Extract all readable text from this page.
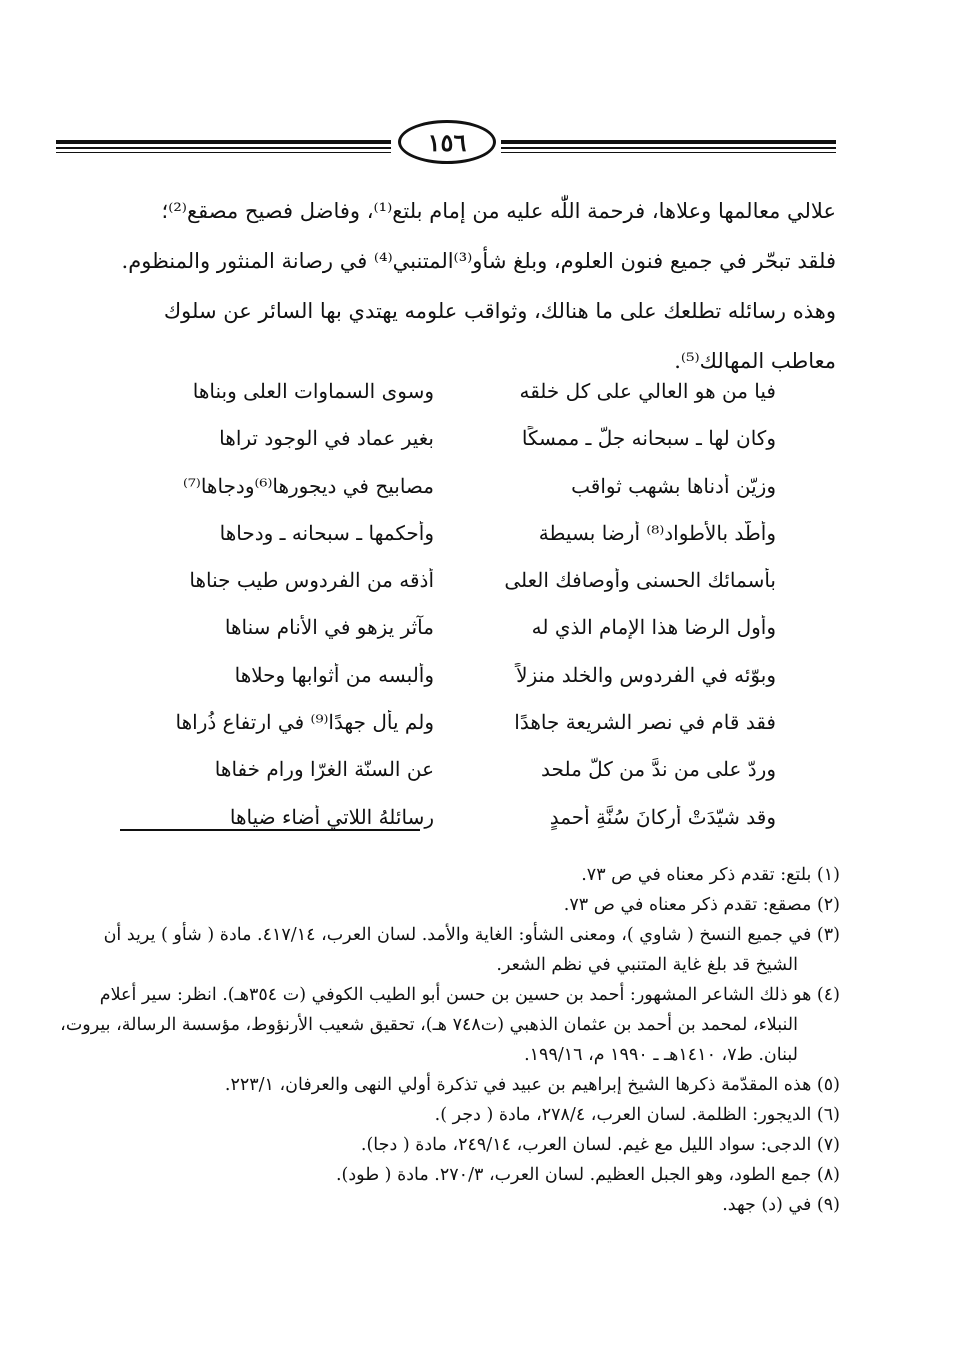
١٥٦

علالي معالمها وعلاها، فرحمة اللّٰه عليه من إمام بلتع⁽¹⁾، وفاضل فصيح مصقع⁽²⁾؛

فلقد تبحّر في جميع فنون العلوم، وبلغ شأو⁽³⁾المتنبي⁽⁴⁾ في رصانة المنثور والمنظوم.

وهذه رسائله تطلعك على ما هنالك، وثواقب علومه يهتدي بها السائر عن سلوك

معاطب المهالك⁽⁵⁾.

فيا من هو العالي على كل خلقه
وسوى السماوات العلى وبناها
وكان لها ـ سبحانه جلّ ـ ممسكًا
بغير عماد في الوجود تراها
وزيّن أدناها بشهب ثواقب
مصابيح في ديجورها⁽⁶⁾ودجاها⁽⁷⁾
وأطّد بالأطواد⁽⁸⁾ أرضا بسيطة
وأحكمها ـ سبحانه ـ ودحاها
بأسمائك الحسنى وأوصافك العلى
أذقه من الفردوس طيب جناها
وأول الرضا هذا الإمام الذي له
مآثر يزهو في الأنام سناها
وبوّئه في الفردوس والخلد منزلاً
وألبسه من أثوابها وحلاها
فقد قام في نصر الشريعة جاهدًا
ولم يأل جهدًا⁽⁹⁾ في ارتفاع ذُراها
وردّ على من ندَّ من كلّ ملحد
عن السنّة الغرّا ورام خفاها
وقد شيّدَتْ أركانَ سُنَّةِ أحمدٍ
رسائلهُ اللاتي أضاء ضياها

(١) بلتع: تقدم ذكر معناه في ص ٧٣.

(٢) مصقع: تقدم ذكر معناه في ص ٧٣.

(٣) في جميع النسخ ( شاوي )، ومعنى الشأو: الغاية والأمد. لسان العرب، ٤١٧/١٤. مادة ( شأو ) يريد أن الشيخ قد بلغ غاية المتنبي في نظم الشعر.

(٤) هو ذلك الشاعر المشهور: أحمد بن حسين بن حسن أبو الطيب الكوفي (ت ٣٥٤هـ). انظر: سير أعلام النبلاء، لمحمد بن أحمد بن عثمان الذهبي (ت٧٤٨ هـ)، تحقيق شعيب الأرنؤوط، مؤسسة الرسالة، بيروت، لبنان. ط٧، ١٤١٠هـ ـ ١٩٩٠ م، ١٩٩/١٦.

(٥) هذه المقدّمة ذكرها الشيخ إبراهيم بن عبيد في تذكرة أولي النهى والعرفان، ٢٢٣/١.

(٦) الديجور: الظلمة. لسان العرب، ٢٧٨/٤، مادة ( دجر ).

(٧) الدجى: سواد الليل مع غيم. لسان العرب، ٢٤٩/١٤، مادة ( دجا).

(٨) جمع الطود، وهو الجبل العظيم. لسان العرب، ٢٧٠/٣. مادة ( طود).

(٩) في (د) جهد.
